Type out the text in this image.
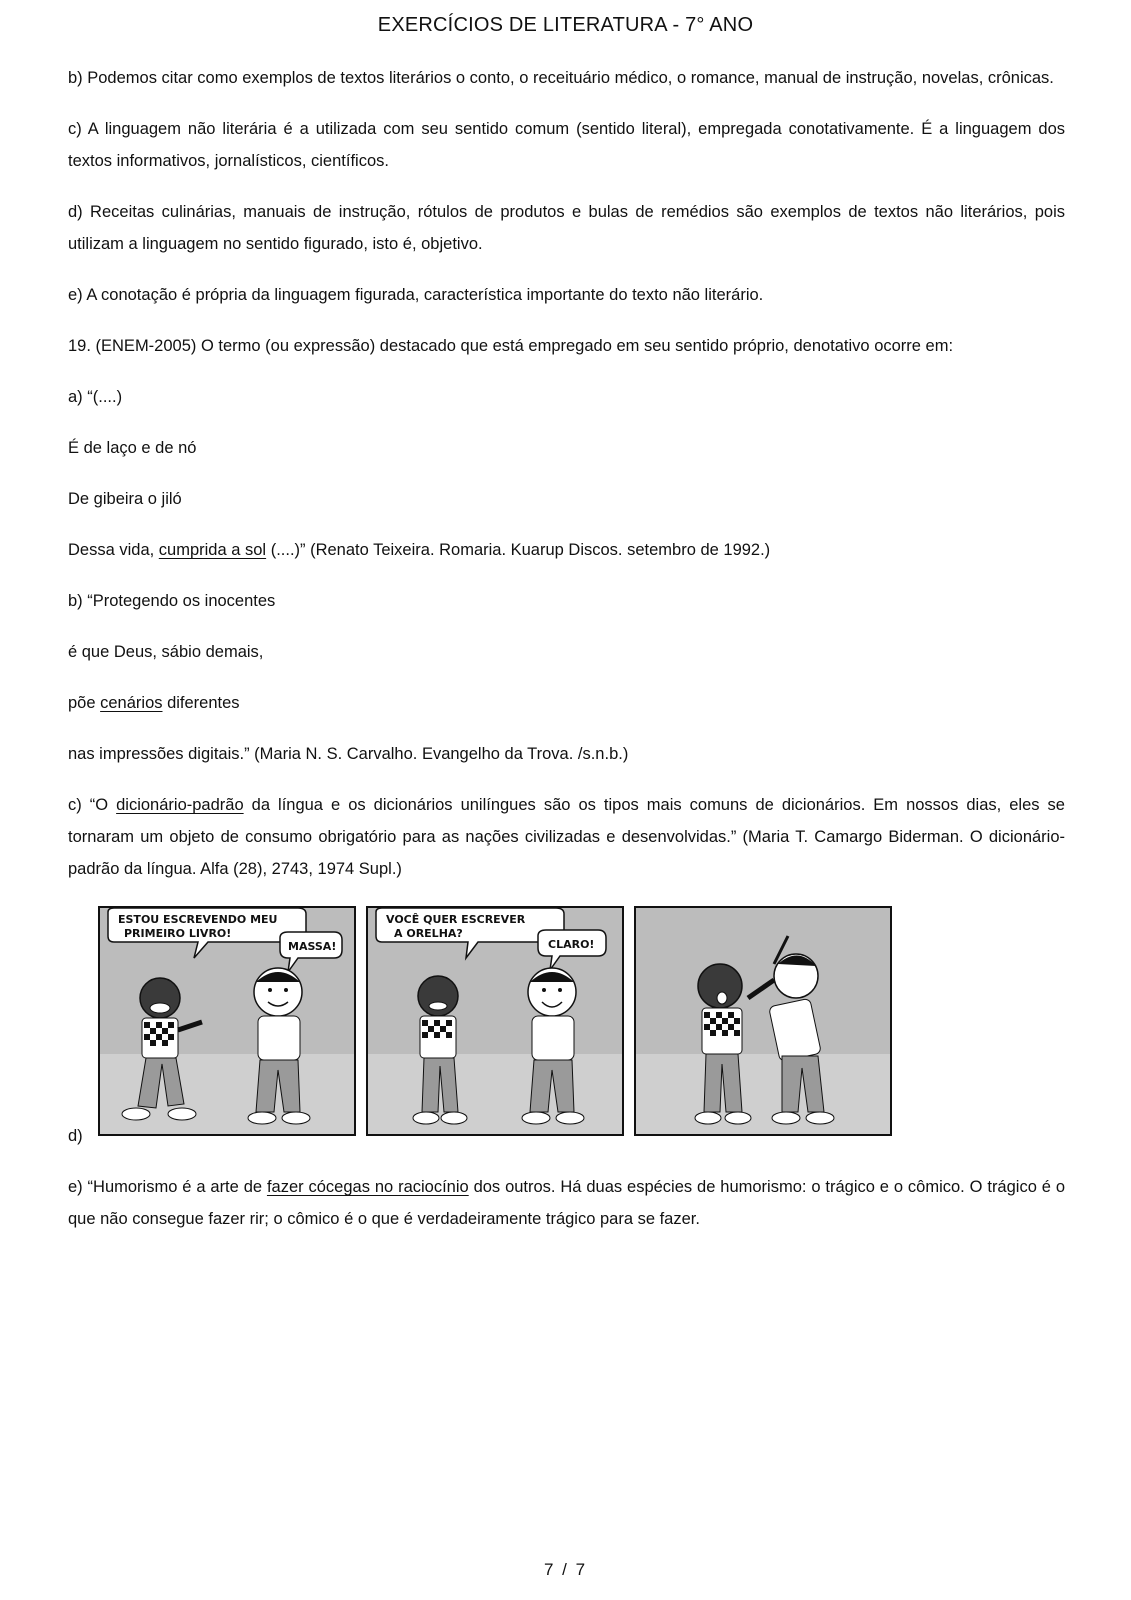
EXERCÍCIOS DE LITERATURA - 7° ANO

b) Podemos citar como exemplos de textos literários o conto, o receituário médico, o romance, manual de instrução, novelas, crônicas.

c) A linguagem não literária é a utilizada com seu sentido comum (sentido literal), empregada conotativamente. É a linguagem dos textos informativos, jornalísticos, científicos.

d) Receitas culinárias, manuais de instrução, rótulos de produtos e bulas de remédios são exemplos de textos não literários, pois utilizam a linguagem no sentido figurado, isto é, objetivo.

e) A conotação é própria da linguagem figurada, característica importante do texto não literário.

19. (ENEM-2005) O termo (ou expressão) destacado que está empregado em seu sentido próprio, denotativo ocorre em:

a) “(....)

É de laço e de nó

De gibeira o jiló

Dessa vida, cumprida a sol (....)” (Renato Teixeira. Romaria. Kuarup Discos. setembro de 1992.)

b) “Protegendo os inocentes

é que Deus, sábio demais,

põe cenários diferentes

nas impressões digitais.” (Maria N. S. Carvalho. Evangelho da Trova. /s.n.b.)

c) “O dicionário-padrão da língua e os dicionários unilíngues são os tipos mais comuns de dicionários. Em nossos dias, eles se tornaram um objeto de consumo obrigatório para as nações civilizadas e desenvolvidas.” (Maria T. Camargo Biderman. O dicionário-padrão da língua. Alfa (28), 2743, 1974 Supl.)

d)
ESTOU ESCREVENDO MEU
PRIMEIRO LIVRO!
MASSA!
VOCÊ QUER ESCREVER
A ORELHA?
CLARO!

e) “Humorismo é a arte de fazer cócegas no raciocínio dos outros. Há duas espécies de humorismo: o trágico e o cômico. O trágico é o que não consegue fazer rir; o cômico é o que é verdadeiramente trágico para se fazer.

7 / 7
